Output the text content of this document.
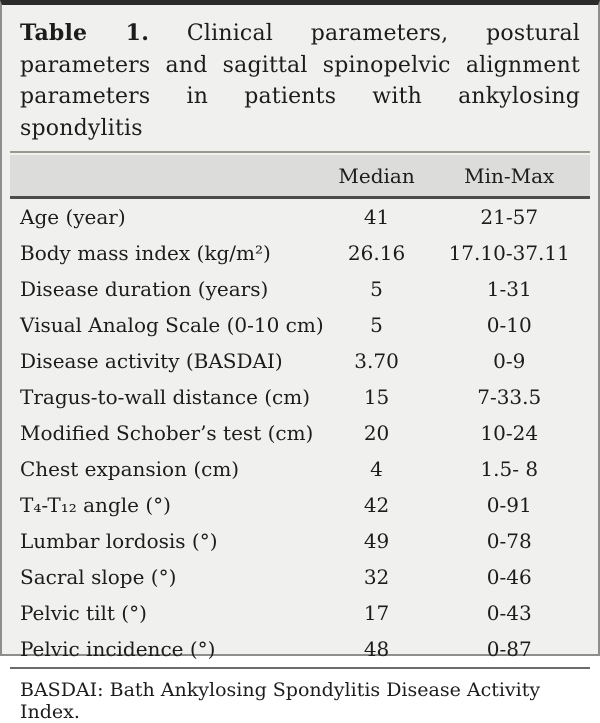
Table 1. Clinical parameters, postural parameters and sagittal spinopelvic alignment parameters in patients with ankylosing spondylitis
	Median	Min-Max
Age (year)	41	21-57
Body mass index (kg/m²)	26.16	17.10-37.11
Disease duration (years)	5	1-31
Visual Analog Scale (0-10 cm)	5	0-10
Disease activity (BASDAI)	3.70	0-9
Tragus-to-wall distance (cm)	15	7-33.5
Modified Schober’s test (cm)	20	10-24
Chest expansion (cm)	4	1.5- 8
T₄-T₁₂ angle (°)	42	0-91
Lumbar lordosis (°)	49	0-78
Sacral slope (°)	32	0-46
Pelvic tilt (°)	17	0-43
Pelvic incidence (°)	48	0-87
BASDAI: Bath Ankylosing Spondylitis Disease Activity Index.
